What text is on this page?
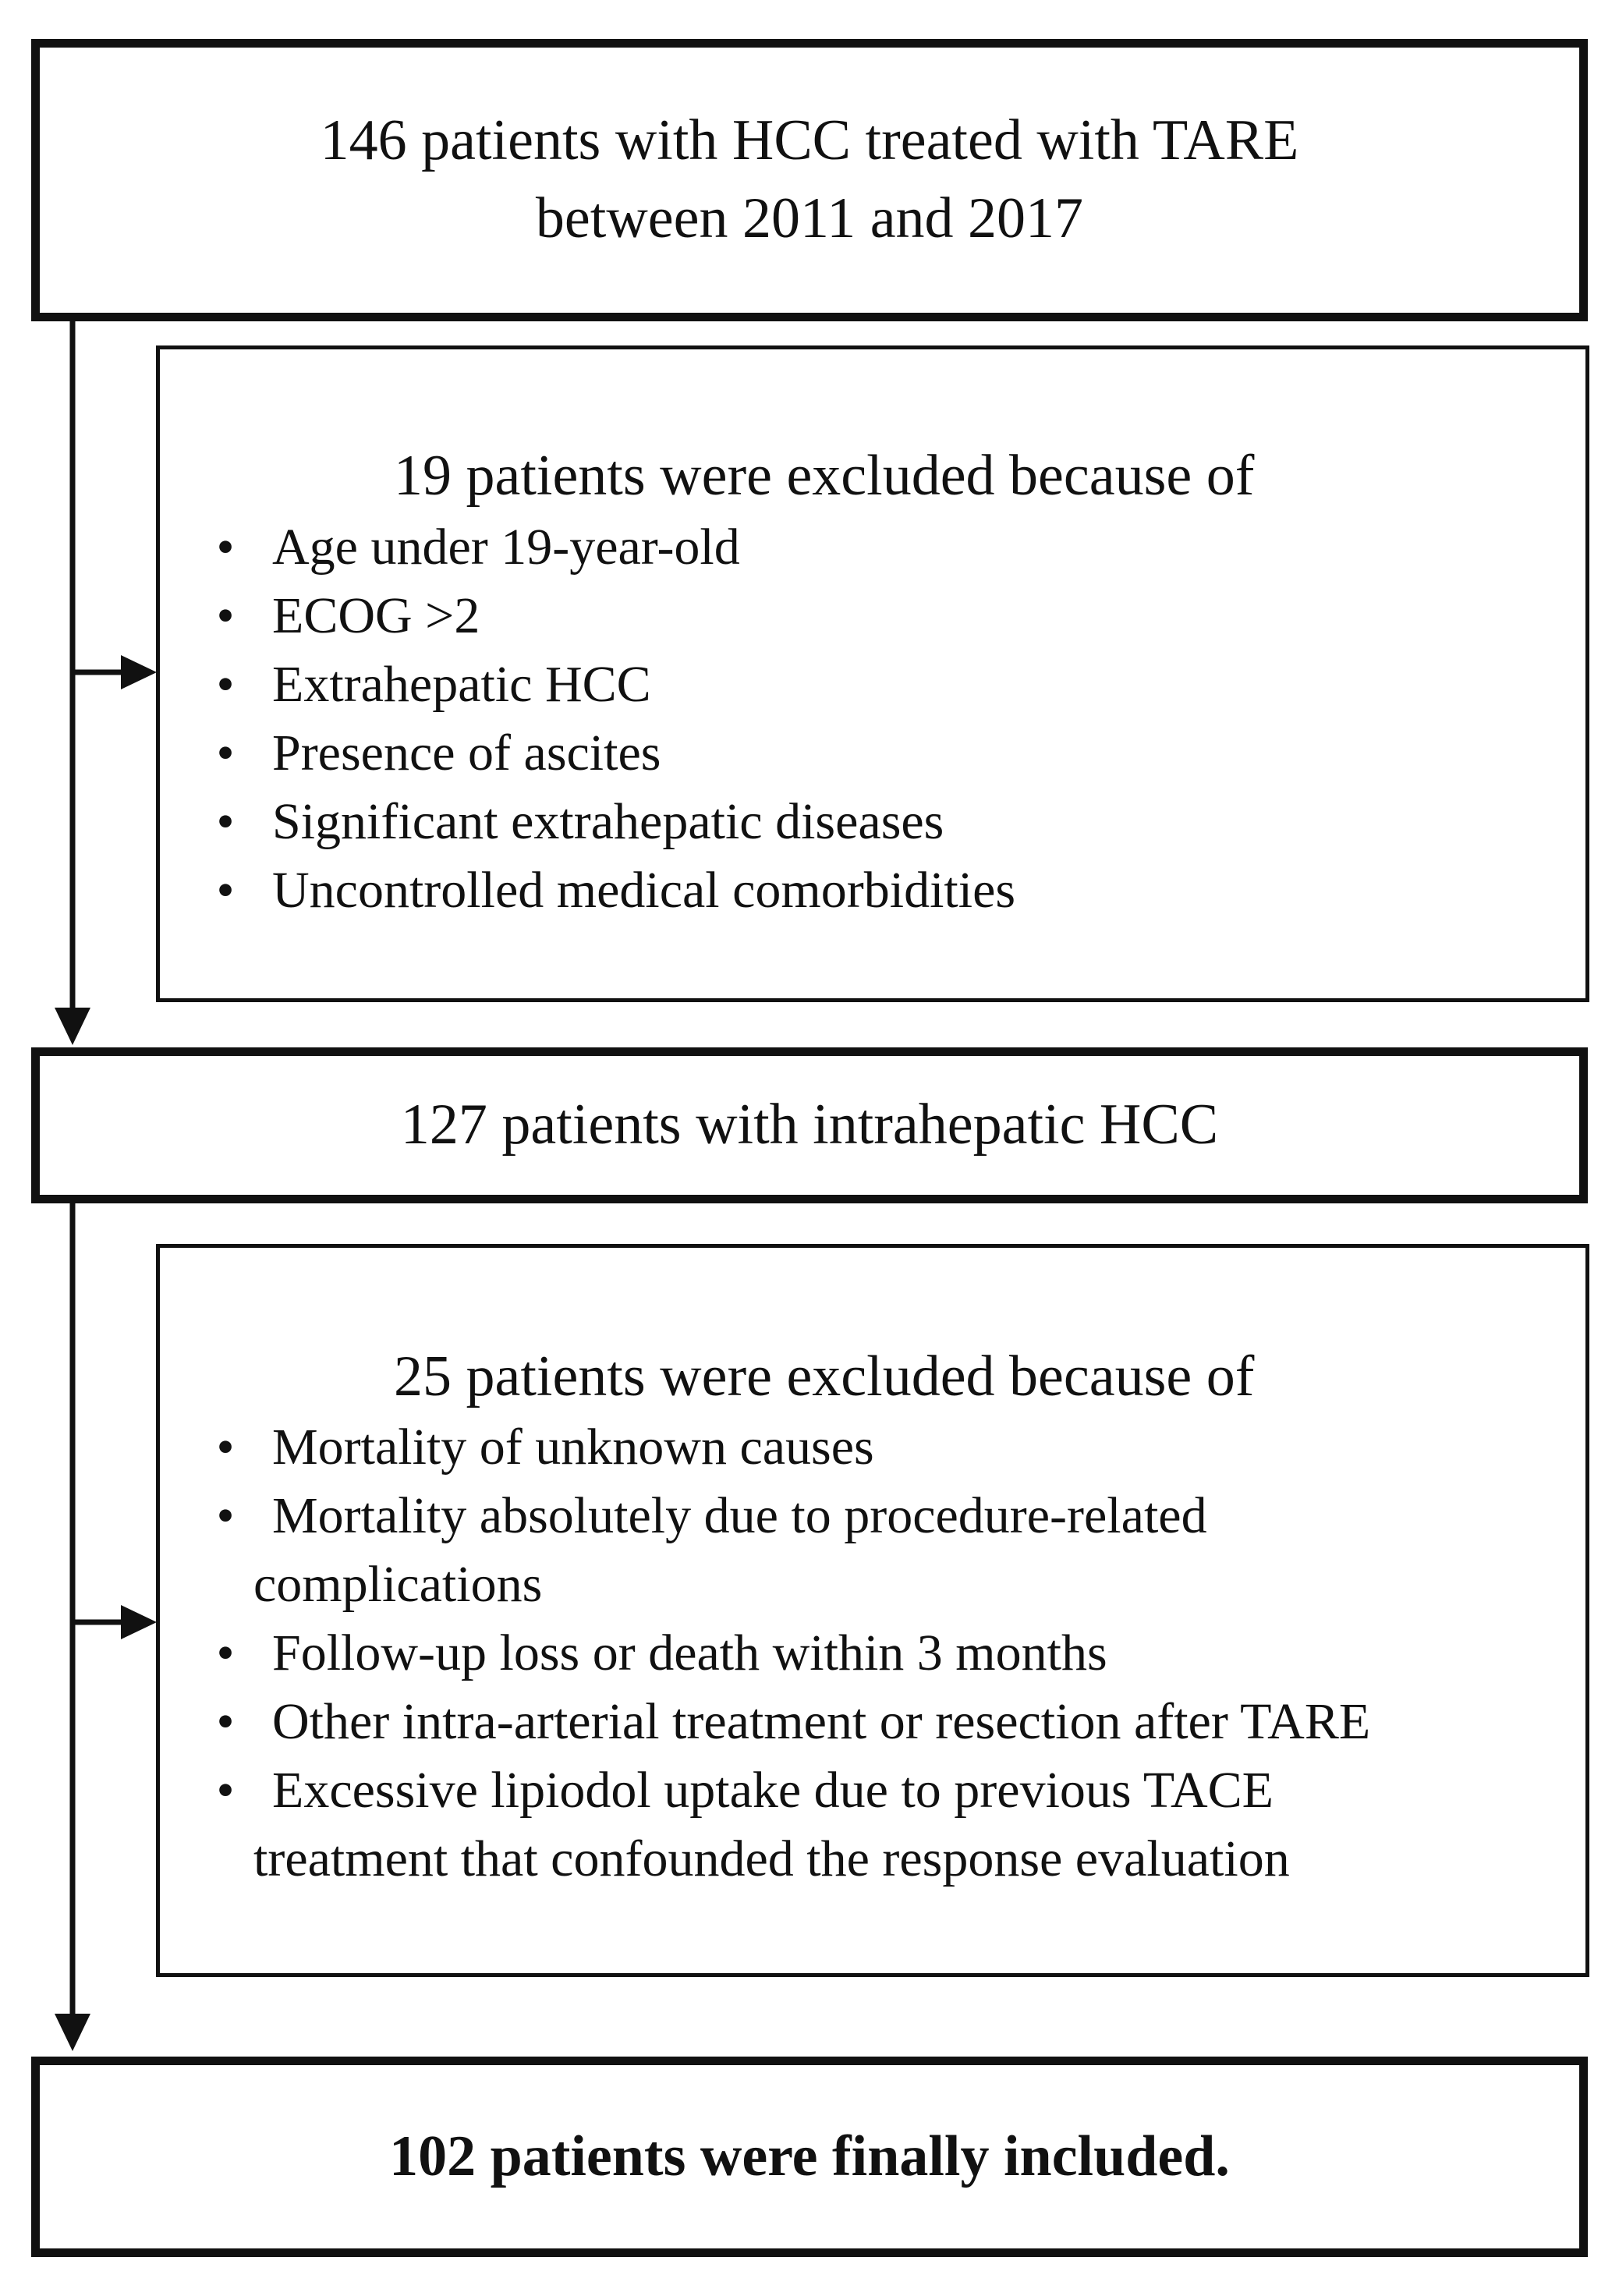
146 patients with HCC treated with TARE
between 2011 and 2017
19 patients were excluded because of
• Age under 19-year-old
• ECOG >2
• Extrahepatic HCC
• Presence of ascites
• Significant extrahepatic diseases
• Uncontrolled medical comorbidities
127 patients with intrahepatic HCC
25 patients were excluded because of
• Mortality of unknown causes
• Mortality absolutely due to procedure-related complications
• Follow-up loss or death within 3 months
• Other intra-arterial treatment or resection after TARE
• Excessive lipiodol uptake due to previous TACE treatment that confounded the response evaluation
102 patients were finally included.
